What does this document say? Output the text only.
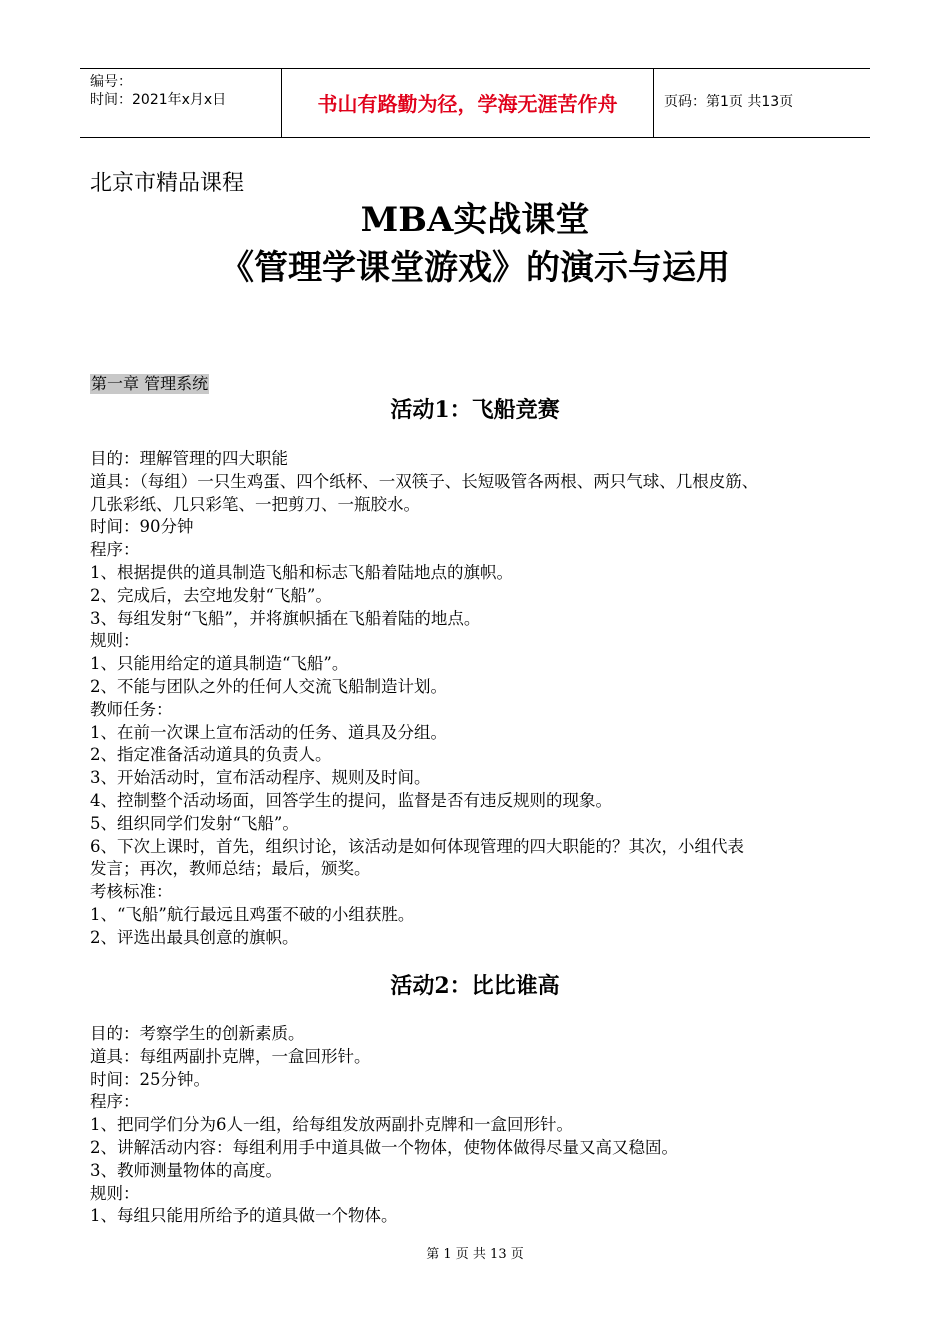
编号：
时间：2021年x月x日	书山有路勤为径，学海无涯苦作舟	页码：第1页 共13页
北京市精品课程
MBA实战课堂
《管理学课堂游戏》的演示与运用
第一章 管理系统
活动1：飞船竞赛

目的：理解管理的四大职能

道具：（每组）一只生鸡蛋、四个纸杯、一双筷子、长短吸管各两根、两只气球、几根皮筋、

几张彩纸、几只彩笔、一把剪刀、一瓶胶水。

时间：90分钟

程序：

1、根据提供的道具制造飞船和标志飞船着陆地点的旗帜。

2、完成后，去空地发射“飞船”。

3、每组发射“飞船”，并将旗帜插在飞船着陆的地点。

规则：

1、只能用给定的道具制造“飞船”。

2、不能与团队之外的任何人交流飞船制造计划。

教师任务：

1、在前一次课上宣布活动的任务、道具及分组。

2、指定准备活动道具的负责人。

3、开始活动时，宣布活动程序、规则及时间。

4、控制整个活动场面，回答学生的提问，监督是否有违反规则的现象。

5、组织同学们发射“飞船”。

6、下次上课时，首先，组织讨论，该活动是如何体现管理的四大职能的？其次，小组代表

发言；再次，教师总结；最后，颁奖。

考核标准：

1、“飞船”航行最远且鸡蛋不破的小组获胜。

2、评选出最具创意的旗帜。

活动2：比比谁高

目的：考察学生的创新素质。

道具：每组两副扑克牌，一盒回形针。

时间：25分钟。

程序：

1、把同学们分为6人一组，给每组发放两副扑克牌和一盒回形针。

2、讲解活动内容：每组利用手中道具做一个物体，使物体做得尽量又高又稳固。

3、教师测量物体的高度。

规则：

1、每组只能用所给予的道具做一个物体。

第 1 页 共 13 页
